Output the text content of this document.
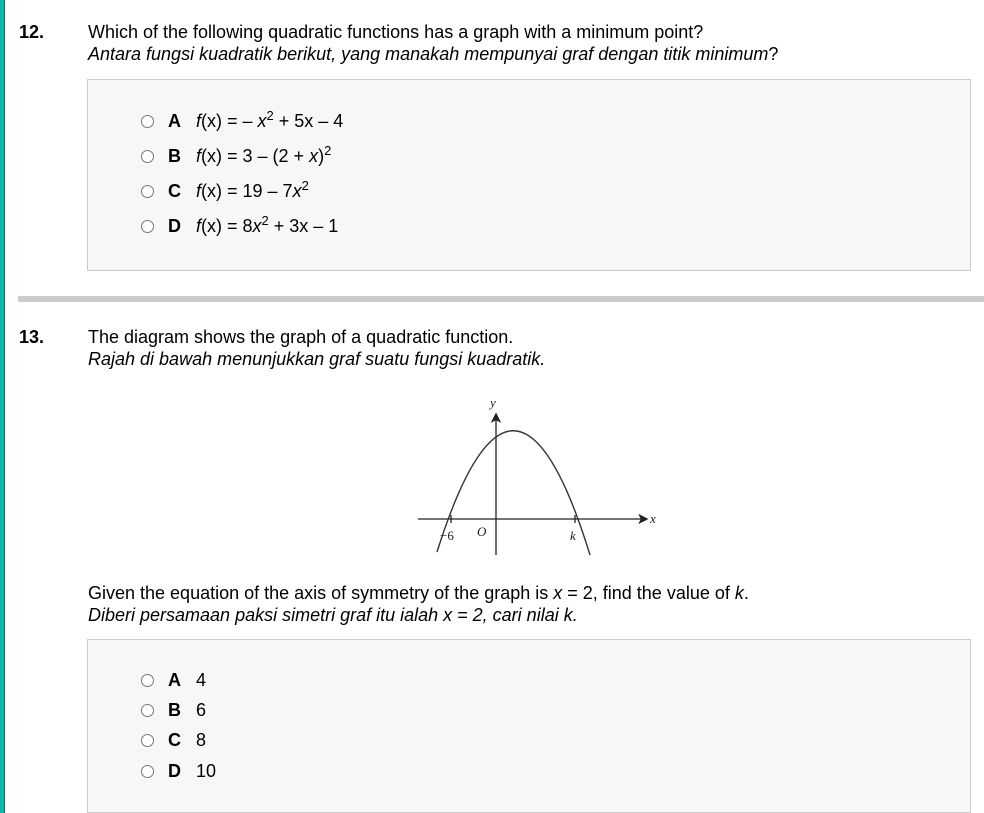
12. Which of the following quadratic functions has a graph with a minimum point?
Antara fungsi kuadratik berikut, yang manakah mempunyai graf dengan titik minimum?
A f(x) = – $x^2 + 5x - 4$
B $f(x) = 3 - (2 + x)^2$
C $f(x) = 19 - 7x^2$
D $f(x) = 8x^2 + 3x - 1$
13. The diagram shows the graph of a quadratic function.
Rajah di bawah menunjukkan graf suatu fungsi kuadratik.
y
x
O
−6	k
Given the equation of the axis of symmetry of the graph is x = 2, find the value of k.
Diberi persamaan paksi simetri graf itu ialah x = 2, cari nilai k.
A 4
B 6
C 8
D 10
